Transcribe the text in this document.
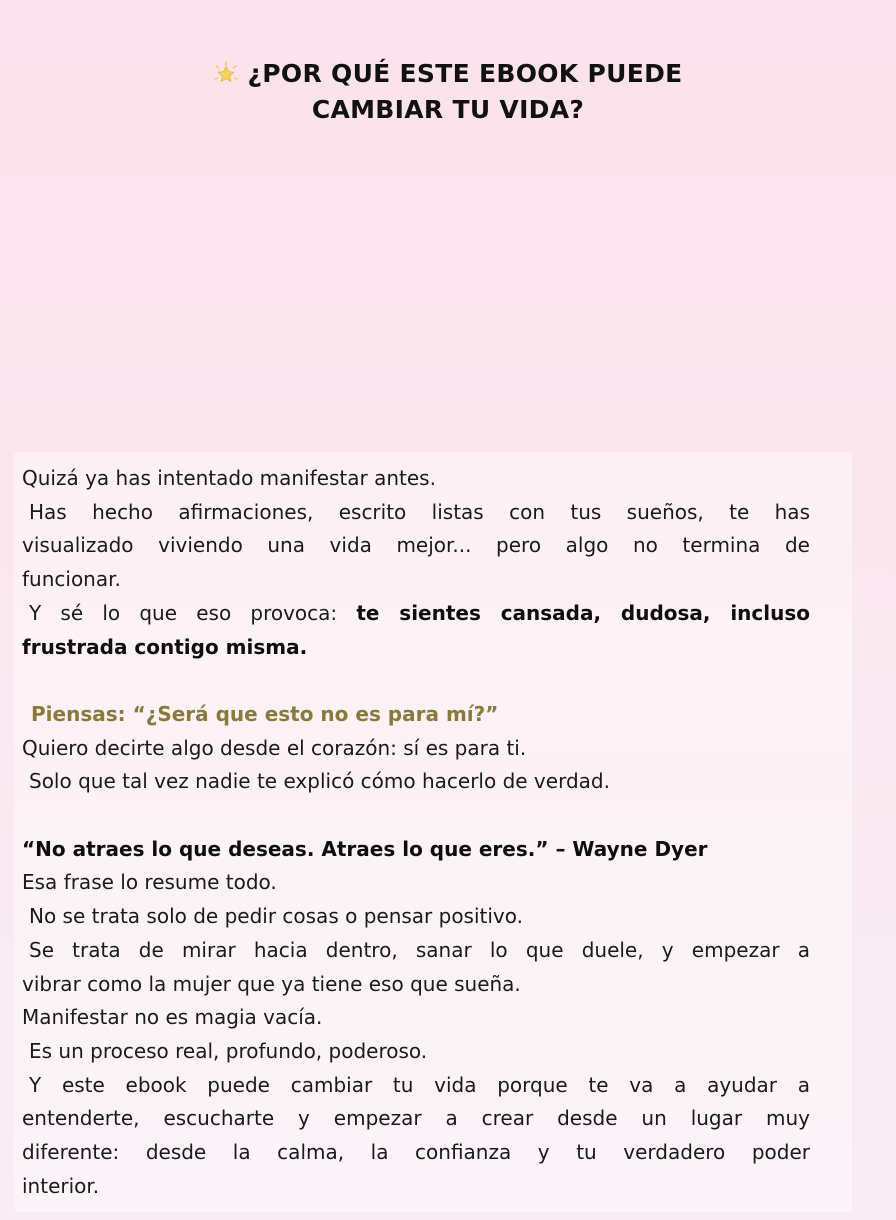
¿POR QUÉ ESTE EBOOK PUEDE
CAMBIAR TU VIDA?
Quizá ya has intentado manifestar antes.
Has hecho afirmaciones, escrito listas con tus sueños, te has
visualizado viviendo una vida mejor... pero algo no termina de
funcionar.
Y sé lo que eso provoca: te sientes cansada, dudosa, incluso
frustrada contigo misma.
Piensas: “¿Será que esto no es para mí?”
Quiero decirte algo desde el corazón: sí es para ti.
Solo que tal vez nadie te explicó cómo hacerlo de verdad.
“No atraes lo que deseas. Atraes lo que eres.” – Wayne Dyer
Esa frase lo resume todo.
No se trata solo de pedir cosas o pensar positivo.
Se trata de mirar hacia dentro, sanar lo que duele, y empezar a
vibrar como la mujer que ya tiene eso que sueña.
Manifestar no es magia vacía.
Es un proceso real, profundo, poderoso.
Y este ebook puede cambiar tu vida porque te va a ayudar a
entenderte, escucharte y empezar a crear desde un lugar muy
diferente: desde la calma, la confianza y tu verdadero poder
interior.
